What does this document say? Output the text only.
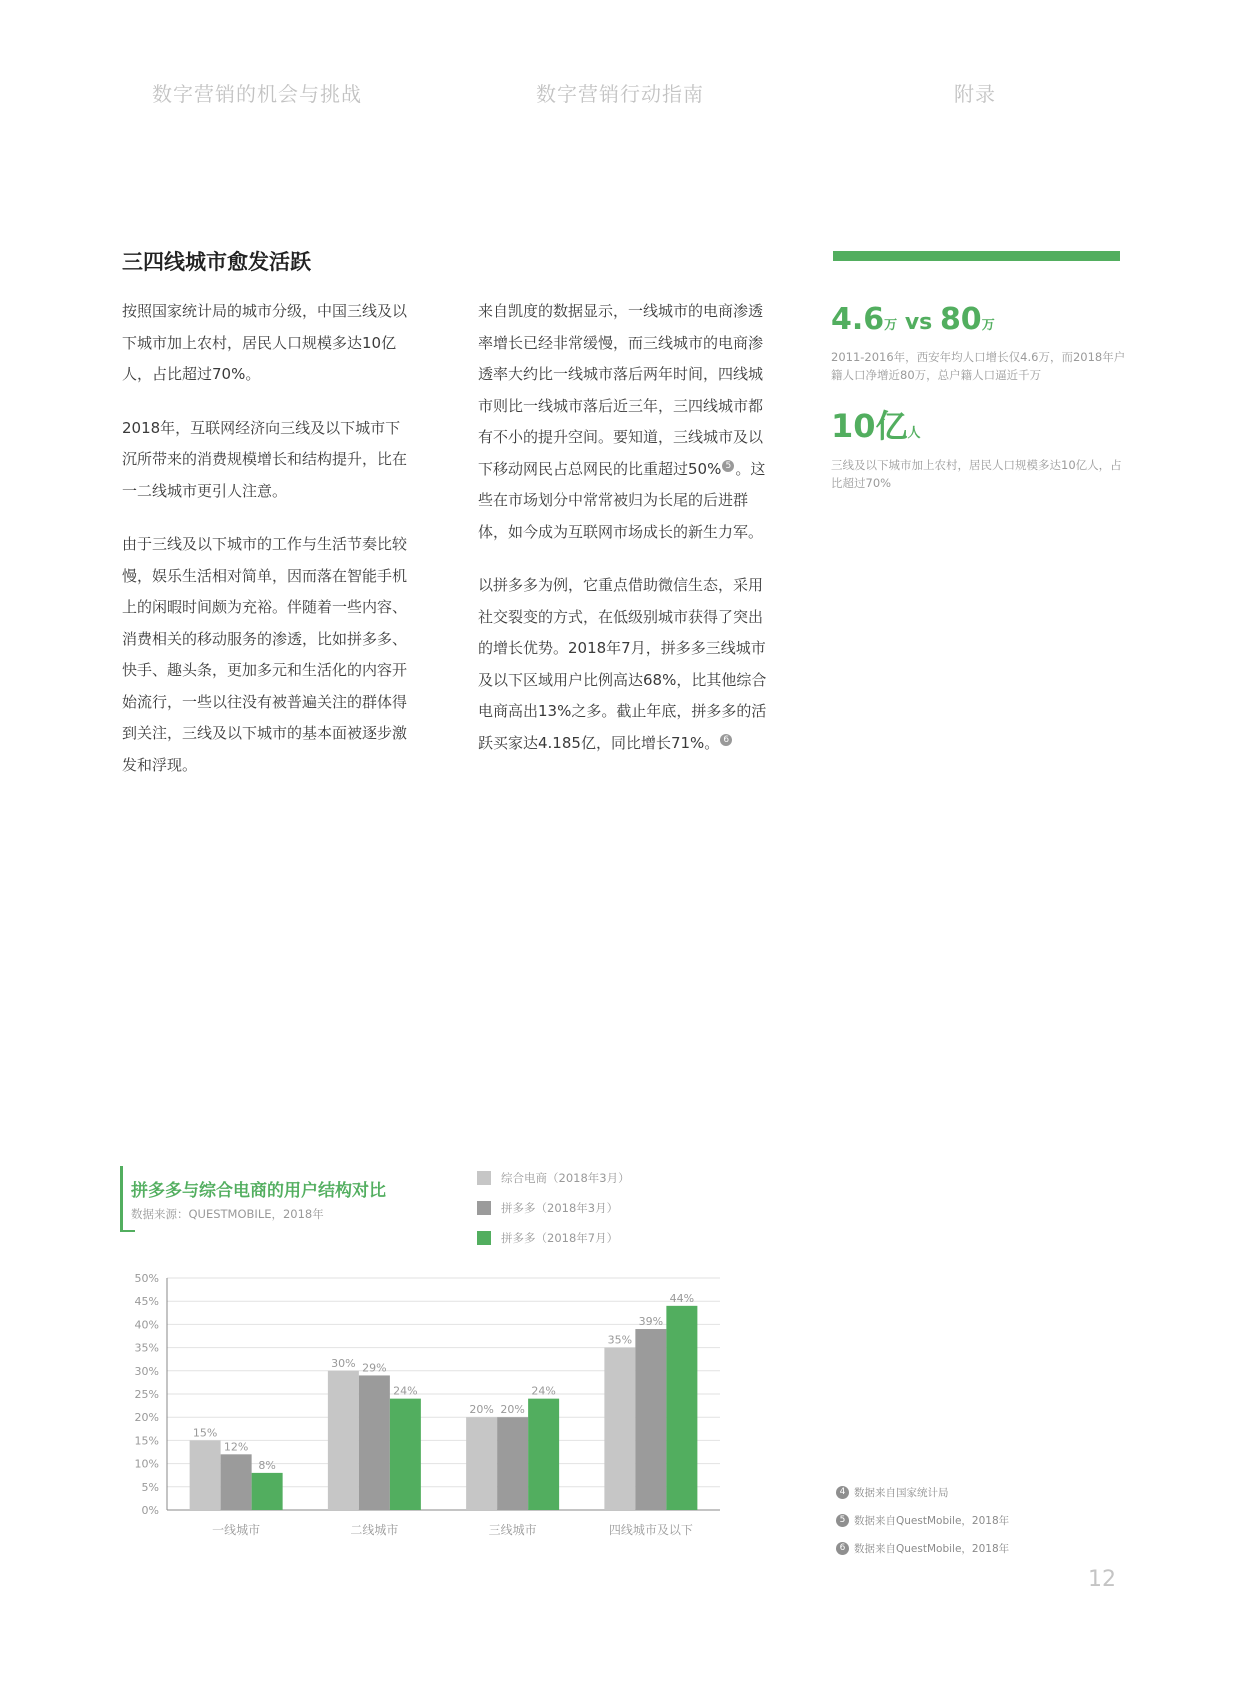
数字营销的机会与挑战	数字营销行动指南	附录
三四线城市愈发活跃

按照国家统计局的城市分级，中国三线及以下城市加上农村，居民人口规模多达10亿人，占比超过70%。

2018年，互联网经济向三线及以下城市下沉所带来的消费规模增长和结构提升，比在一二线城市更引人注意。

由于三线及以下城市的工作与生活节奏比较慢，娱乐生活相对简单，因而落在智能手机上的闲暇时间颇为充裕。伴随着一些内容、消费相关的移动服务的渗透，比如拼多多、快手、趣头条，更加多元和生活化的内容开始流行，一些以往没有被普遍关注的群体得到关注，三线及以下城市的基本面被逐步激发和浮现。

来自凯度的数据显示，一线城市的电商渗透率增长已经非常缓慢，而三线城市的电商渗透率大约比一线城市落后两年时间，四线城市则比一线城市落后近三年，三四线城市都有不小的提升空间。要知道，三线城市及以下移动网民占总网民的比重超过50% 5 。这些在市场划分中常常被归为长尾的后进群体，如今成为互联网市场成长的新生力军。

以拼多多为例，它重点借助微信生态，采用社交裂变的方式，在低级别城市获得了突出的增长优势。2018年7月，拼多多三线城市及以下区域用户比例高达68%，比其他综合电商高出13%之多。截止年底，拼多多的活跃买家达4.185亿，同比增长71%。 6

4.6万 vs 80万
2011-2016年，西安年均人口增长仅4.6万，而2018年户籍人口净增近80万，总户籍人口逼近千万
10亿人
三线及以下城市加上农村，居民人口规模多达10亿人，占比超过70%
拼多多与综合电商的用户结构对比
数据来源：QUESTMOBILE，2018年
综合电商（2018年3月）
拼多多（2018年3月）
拼多多（2018年7月）
0%
5%
10%
15%
20%
25%
30%
35%
40%
45%
50%
15%
12%
8%
一线城市
30% 29%
24%
二线城市
20% 20%
24%
三线城市
35%
39%
44%
四线城市及以下
4 数据来自国家统计局
5 数据来自QuestMobile，2018年
6 数据来自QuestMobile，2018年
12
